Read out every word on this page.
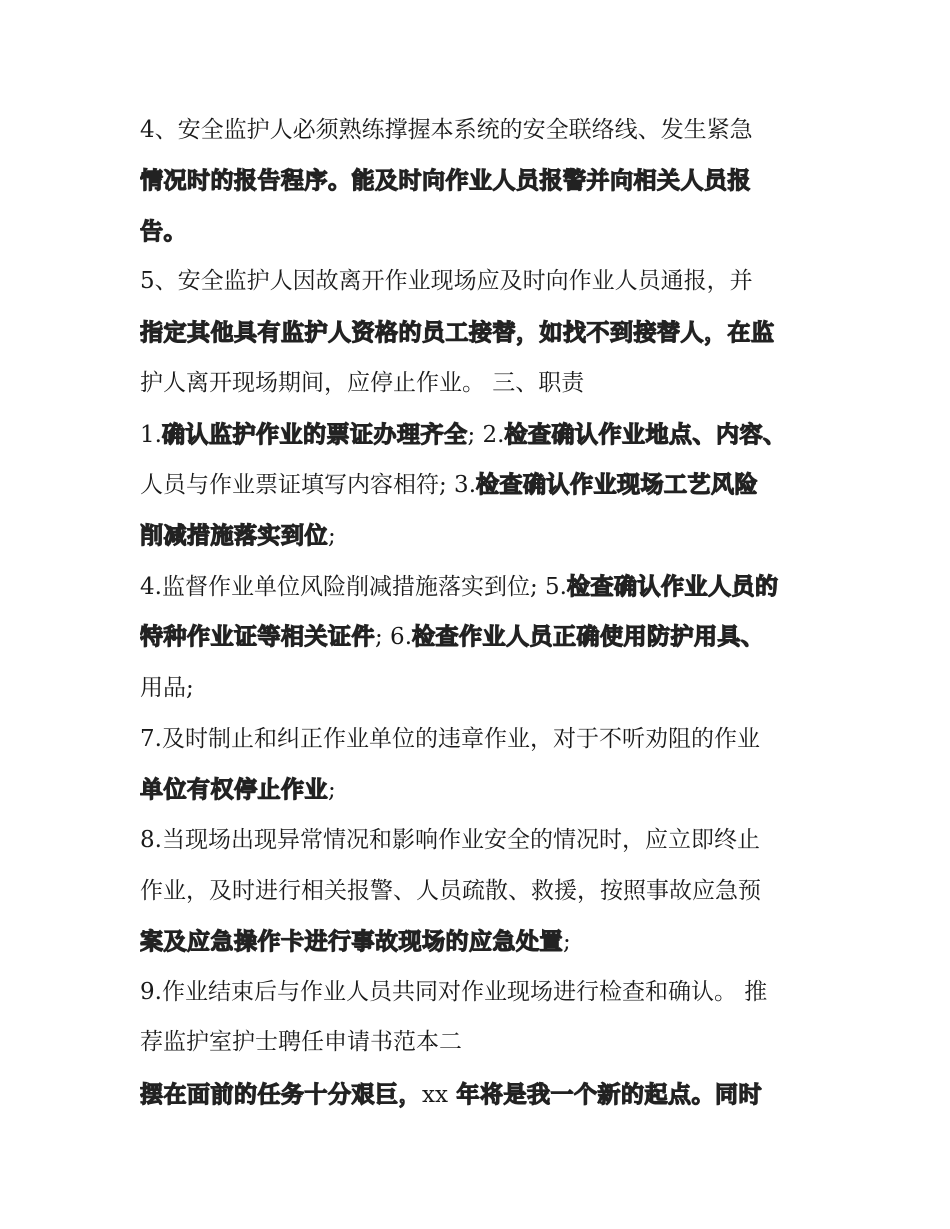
4、安全监护人必须熟练撑握本系统的安全联络线、发生紧急
情况时的报告程序。能及时向作业人员报警并向相关人员报
告。
5、安全监护人因故离开作业现场应及时向作业人员通报，并
指定其他具有监护人资格的员工接替，如找不到接替人，在监
护人离开现场期间，应停止作业。 三、职责
1.确认监护作业的票证办理齐全; 2.检查确认作业地点、内容、
人员与作业票证填写内容相符; 3.检查确认作业现场工艺风险
削减措施落实到位;
4.监督作业单位风险削减措施落实到位; 5.检查确认作业人员的
特种作业证等相关证件; 6.检查作业人员正确使用防护用具、
用品;
7.及时制止和纠正作业单位的违章作业，对于不听劝阻的作业
单位有权停止作业;
8.当现场出现异常情况和影响作业安全的情况时，应立即终止
作业，及时进行相关报警、人员疏散、救援，按照事故应急预
案及应急操作卡进行事故现场的应急处置;
9.作业结束后与作业人员共同对作业现场进行检查和确认。 推
荐监护室护士聘任申请书范本二
摆在面前的任务十分艰巨，xx 年将是我一个新的起点。同时
